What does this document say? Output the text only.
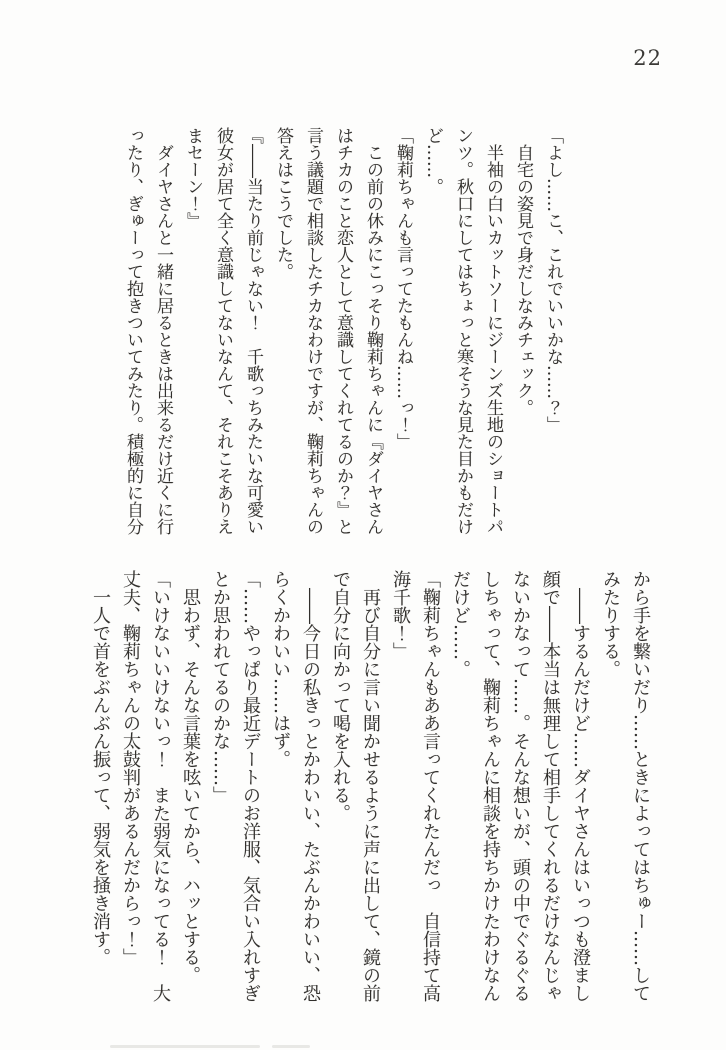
22

「よし……こ、これでいいかな……？」

自宅の姿見で身だしなみチェック。

半袖の白いカットソーにジーンズ生地のショートパ

ンツ。秋口にしてはちょっと寒そうな見た目かもだけ

ど……。

「鞠莉ちゃんも言ってたもんね……っ！」

この前の休みにこっそり鞠莉ちゃんに『ダイヤさん

はチカのこと恋人として意識してくれてるのか？』と

言う議題で相談したチカなわけですが、鞠莉ちゃんの

答えはこうでした。

『――当たり前じゃない！　千歌っちみたいな可愛い

彼女が居て全く意識してないなんて、それこそありえ

まセーン！』

ダイヤさんと一緒に居るときは出来るだけ近くに行

ったり、ぎゅーって抱きついてみたり。積極的に自分

から手を繋いだり……ときによってはちゅー……して

みたりする。

――するんだけど……ダイヤさんはいっつも澄まし

顔で――本当は無理して相手してくれるだけなんじゃ

ないかなって……。そんな想いが、頭の中でぐるぐる

しちゃって、鞠莉ちゃんに相談を持ちかけたわけなん

だけど……。

「鞠莉ちゃんもああ言ってくれたんだっ　自信持て高

海千歌！」

再び自分に言い聞かせるように声に出して、鏡の前

で自分に向かって喝を入れる。

――今日の私きっとかわいい、たぶんかわいい、恐

らくかわいい……はず。

「……やっぱり最近デートのお洋服、気合い入れすぎ

とか思われてるのかな……」

思わず、そんな言葉を呟いてから、ハッとする。

「いけないいけないっ！　また弱気になってる！　大

丈夫、鞠莉ちゃんの太鼓判があるんだからっ！」

一人で首をぶんぶん振って、弱気を掻き消す。
